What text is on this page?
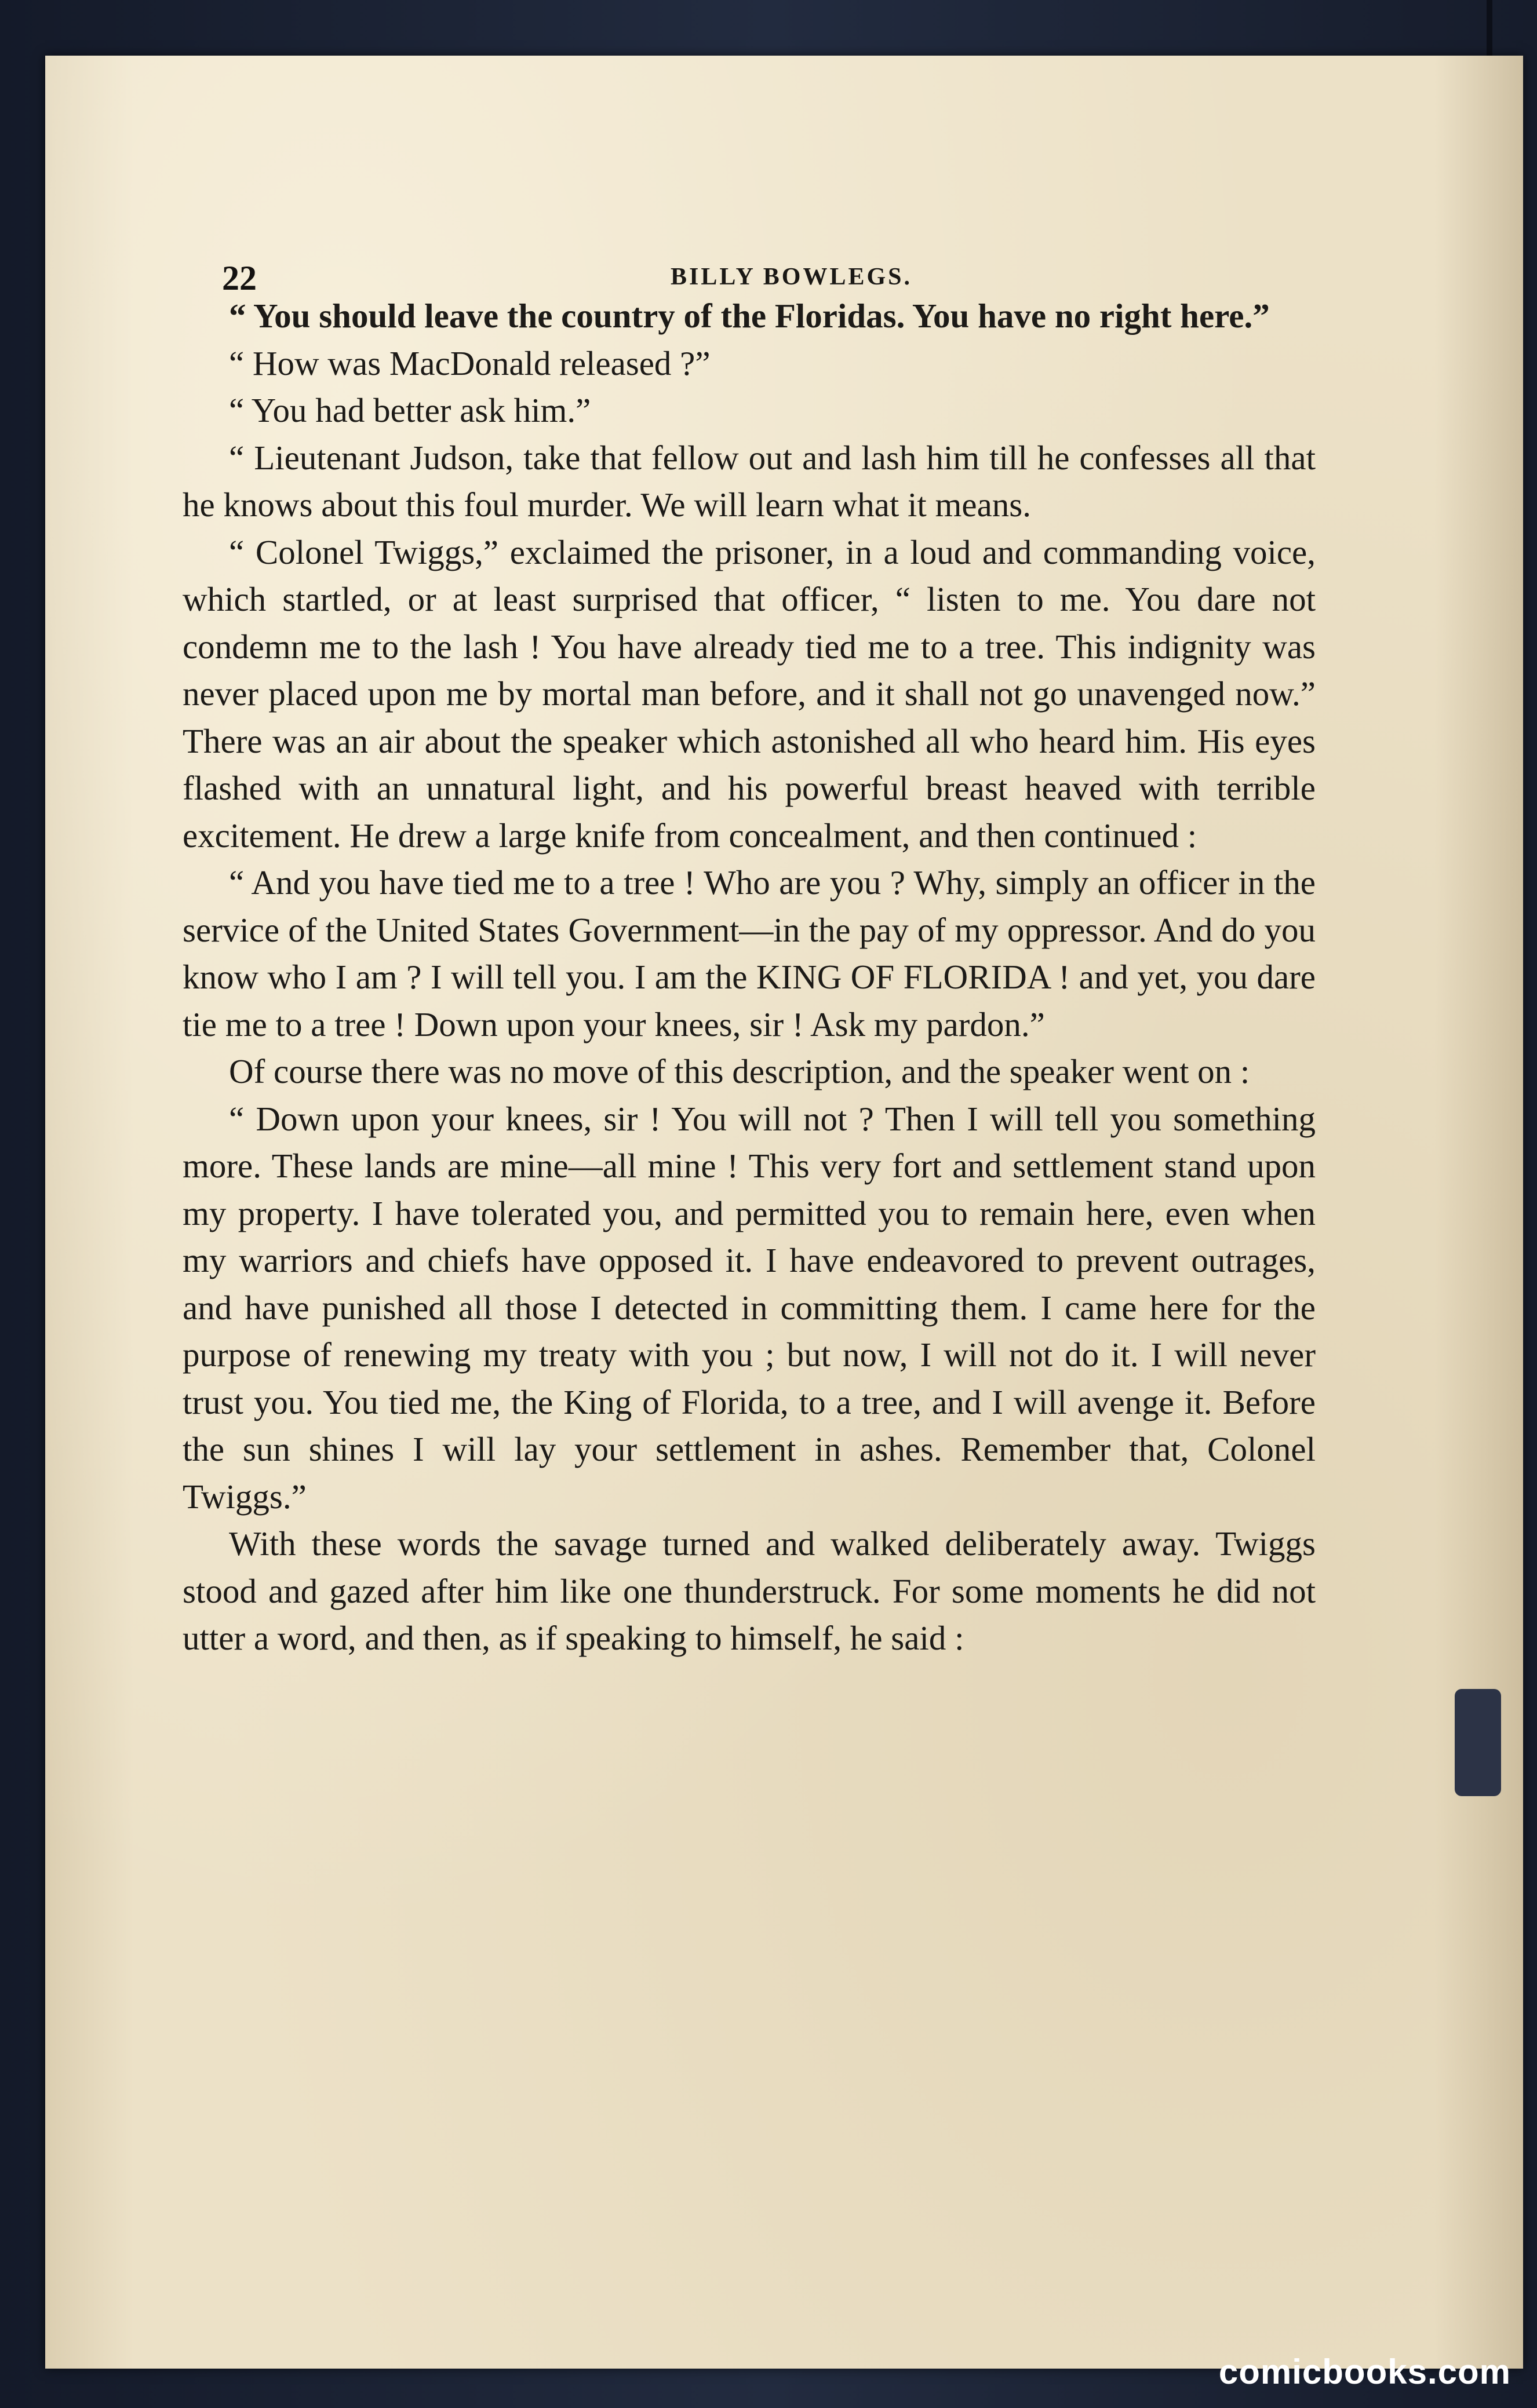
22	BILLY BOWLEGS.

“ You should leave the country of the Floridas. You have no right here.”

“ How was MacDonald released ?”

“ You had better ask him.”

“ Lieutenant Judson, take that fellow out and lash him till he confesses all that he knows about this foul murder. We will learn what it means.

“ Colonel Twiggs,” exclaimed the prisoner, in a loud and commanding voice, which startled, or at least surprised that officer, “ listen to me. You dare not condemn me to the lash ! You have already tied me to a tree. This indignity was never placed upon me by mortal man before, and it shall not go unavenged now.” There was an air about the speaker which astonished all who heard him. His eyes flashed with an unnatural light, and his powerful breast heaved with terrible excitement. He drew a large knife from concealment, and then continued :

“ And you have tied me to a tree ! Who are you ? Why, simply an officer in the service of the United States Government—in the pay of my oppressor. And do you know who I am ? I will tell you. I am the KING OF FLORIDA ! and yet, you dare tie me to a tree ! Down upon your knees, sir ! Ask my pardon.”

Of course there was no move of this description, and the speaker went on :

“ Down upon your knees, sir ! You will not ? Then I will tell you something more. These lands are mine—all mine ! This very fort and settlement stand upon my property. I have tolerated you, and permitted you to remain here, even when my warriors and chiefs have opposed it. I have endeavored to prevent outrages, and have punished all those I detected in committing them. I came here for the purpose of renewing my treaty with you ; but now, I will not do it. I will never trust you. You tied me, the King of Florida, to a tree, and I will avenge it. Before the sun shines I will lay your settlement in ashes. Remember that, Colonel Twiggs.”

With these words the savage turned and walked deliberately away. Twiggs stood and gazed after him like one thunderstruck. For some moments he did not utter a word, and then, as if speaking to himself, he said :

comicbooks.com
